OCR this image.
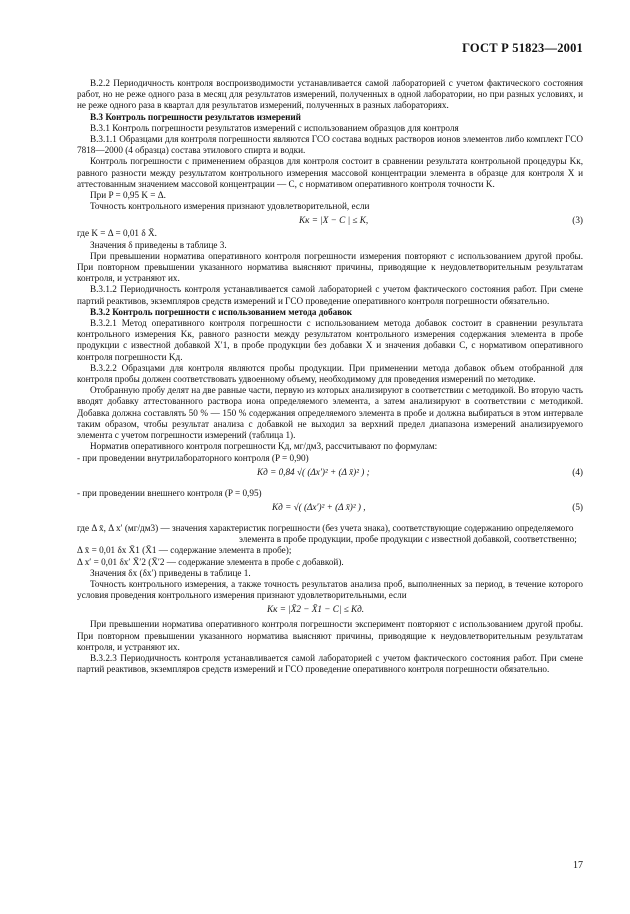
ГОСТ Р 51823—2001

В.2.2 Периодичность контроля воспроизводимости устанавливается самой лабораторией с учетом фактического состояния работ, но не реже одного раза в месяц для результатов измерений, полученных в одной лаборатории, но при разных условиях, и не реже одного раза в квартал для результатов измерений, полученных в разных лабораториях.

В.3 Контроль погрешности результатов измерений

В.3.1 Контроль погрешности результатов измерений с использованием образцов для контроля

В.3.1.1 Образцами для контроля погрешности являются ГСО состава водных растворов ионов элементов либо комплект ГСО 7818—2000 (4 образца) состава этилового спирта и водки.

Контроль погрешности с применением образцов для контроля состоит в сравнении результата контрольной процедуры Kк, равного разности между результатом контрольного измерения массовой концентрации элемента в образце для контроля X и аттестованным значением массовой концентрации — C, с нормативом оперативного контроля точности K.

При P = 0,95 K = Δ.

Точность контрольного измерения признают удовлетворительной, если

Kк = |X − C | ≤ K,	(3)

где K = Δ = 0,01 δ X̄.

Значения δ приведены в таблице 3.

При превышении норматива оперативного контроля погрешности измерения повторяют с использованием другой пробы. При повторном превышении указанного норматива выясняют причины, приводящие к неудовлетворительным результатам контроля, и устраняют их.

В.3.1.2 Периодичность контроля устанавливается самой лабораторией с учетом фактического состояния работ. При смене партий реактивов, экземпляров средств измерений и ГСО проведение оперативного контроля погрешности обязательно.

В.3.2 Контроль погрешности с использованием метода добавок

В.3.2.1 Метод оперативного контроля погрешности с использованием метода добавок состоит в сравнении результата контрольного измерения Kк, равного разности между результатом контрольного измерения содержания элемента в пробе продукции с известной добавкой X′1, в пробе продукции без добавки X и значения добавки C, с нормативом оперативного контроля погрешности Kд.

В.3.2.2 Образцами для контроля являются пробы продукции. При применении метода добавок объем отобранной для контроля пробы должен соответствовать удвоенному объему, необходимому для проведения измерений по методике.

Отобранную пробу делят на две равные части, первую из которых анализируют в соответствии с методикой. Во вторую часть вводят добавку аттестованного раствора иона определяемого элемента, а затем анализируют в соответствии с методикой. Добавка должна составлять 50 % — 150 % содержания определяемого элемента в пробе и должна выбираться в этом интервале таким образом, чтобы результат анализа с добавкой не выходил за верхний предел диапазона измерений анализируемого элемента с учетом погрешности измерений (таблица 1).

Норматив оперативного контроля погрешности Kд, мг/дм3, рассчитывают по формулам:

- при проведении внутрилабораторного контроля (P = 0,90)

Kд = 0,84 √( (Δx′)² + (Δ x̄)² ) ;	(4)

- при проведении внешнего контроля (P = 0,95)

Kд = √( (Δx′)² + (Δ x̄)² ) ,	(5)

где Δ x̄, Δ x′ (мг/дм3) — значения характеристик погрешности (без учета знака), соответствующие содержанию определяемого элемента в пробе продукции, пробе продукции с известной добавкой, соответственно;

Δ x̄ = 0,01 δх X̄1 (X̄1 — содержание элемента в пробе);

Δ x′ = 0,01 δх′ X̄′2 (X̄′2 — содержание элемента в пробе с добавкой).

Значения δх (δх′) приведены в таблице 1.

Точность контрольного измерения, а также точность результатов анализа проб, выполненных за период, в течение которого условия проведения контрольного измерения признают удовлетворительными, если

Kк = |X̄2 − X̄1 − C| ≤ Kд.

При превышении норматива оперативного контроля погрешности эксперимент повторяют с использованием другой пробы. При повторном превышении указанного норматива выясняют причины, приводящие к неудовлетворительным результатам контроля, и устраняют их.

В.3.2.3 Периодичность контроля устанавливается самой лабораторией с учетом фактического состояния работ. При смене партий реактивов, экземпляров средств измерений и ГСО проведение оперативного контроля погрешности обязательно.

17
